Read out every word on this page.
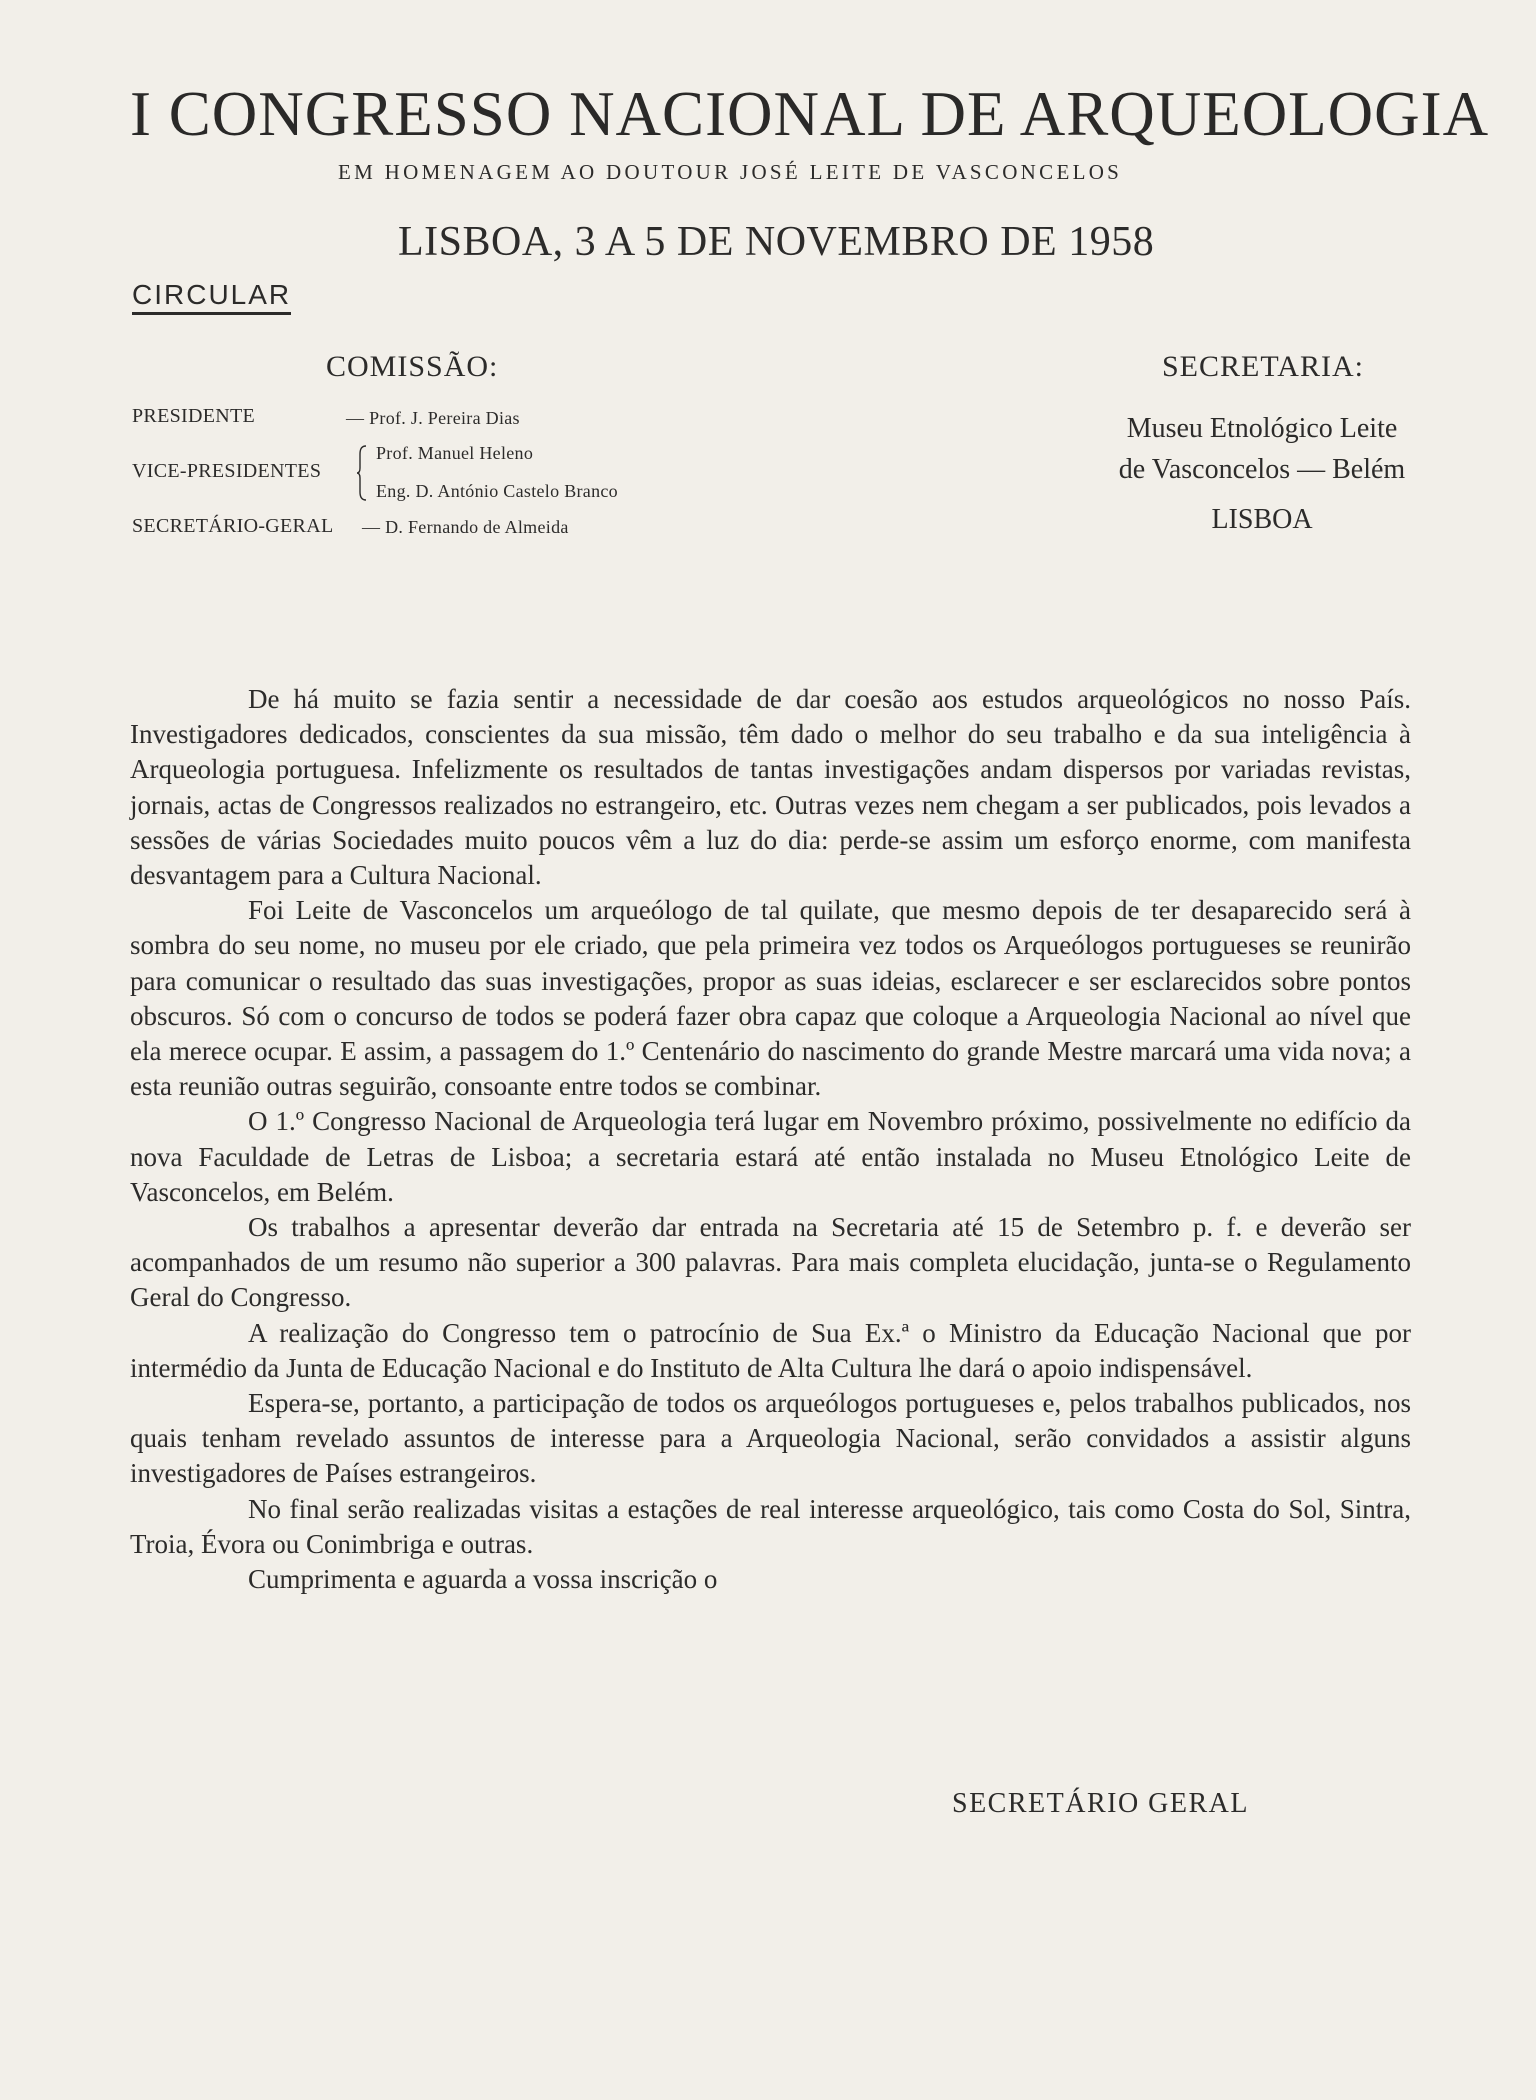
I CONGRESSO NACIONAL DE ARQUEOLOGIA
EM HOMENAGEM AO DOUTOUR JOSÉ LEITE DE VASCONCELOS
LISBOA, 3 A 5 DE NOVEMBRO DE 1958
CIRCULAR
COMISSÃO:	SECRETARIA:
PRESIDENTE	— Prof. J. Pereira Dias
VICE-PRESIDENTES
Prof. Manuel Heleno
Eng. D. António Castelo Branco
SECRETÁRIO-GERAL — D. Fernando de Almeida
Museu Etnológico Leite
de Vasconcelos — Belém
LISBOA

De há muito se fazia sentir a necessidade de dar coesão aos estudos arqueológicos no nosso País. Investigadores dedicados, conscientes da sua missão, têm dado o melhor do seu trabalho e da sua inteligência à Arqueologia portuguesa. Infelizmente os resultados de tantas investigações andam dispersos por variadas revistas, jornais, actas de Congressos realizados no estrangeiro, etc. Outras vezes nem chegam a ser publicados, pois levados a sessões de várias Sociedades muito poucos vêm a luz do dia: perde-se assim um esforço enorme, com manifesta desvantagem para a Cultura Nacional.

Foi Leite de Vasconcelos um arqueólogo de tal quilate, que mesmo depois de ter desaparecido será à sombra do seu nome, no museu por ele criado, que pela primeira vez todos os Arqueólogos portugueses se reunirão para comunicar o resultado das suas investigações, propor as suas ideias, esclarecer e ser esclarecidos sobre pontos obscuros. Só com o concurso de todos se poderá fazer obra capaz que coloque a Arqueologia Nacional ao nível que ela merece ocupar. E assim, a passagem do 1.º Centenário do nascimento do grande Mestre marcará uma vida nova; a esta reunião outras seguirão, consoante entre todos se combinar.

O 1.º Congresso Nacional de Arqueologia terá lugar em Novembro próximo, possivelmente no edifício da nova Faculdade de Letras de Lisboa; a secretaria estará até então instalada no Museu Etnológico Leite de Vasconcelos, em Belém.

Os trabalhos a apresentar deverão dar entrada na Secretaria até 15 de Setembro p. f. e deverão ser acompanhados de um resumo não superior a 300 palavras. Para mais completa elucidação, junta-se o Regulamento Geral do Congresso.

A realização do Congresso tem o patrocínio de Sua Ex.ª o Ministro da Educação Nacional que por intermédio da Junta de Educação Nacional e do Instituto de Alta Cultura lhe dará o apoio indispensável.

Espera-se, portanto, a participação de todos os arqueólogos portugueses e, pelos trabalhos publicados, nos quais tenham revelado assuntos de interesse para a Arqueologia Nacional, serão convidados a assistir alguns investigadores de Países estrangeiros.

No final serão realizadas visitas a estações de real interesse arqueológico, tais como Costa do Sol, Sintra, Troia, Évora ou Conimbriga e outras.

Cumprimenta e aguarda a vossa inscrição o

SECRETÁRIO GERAL
